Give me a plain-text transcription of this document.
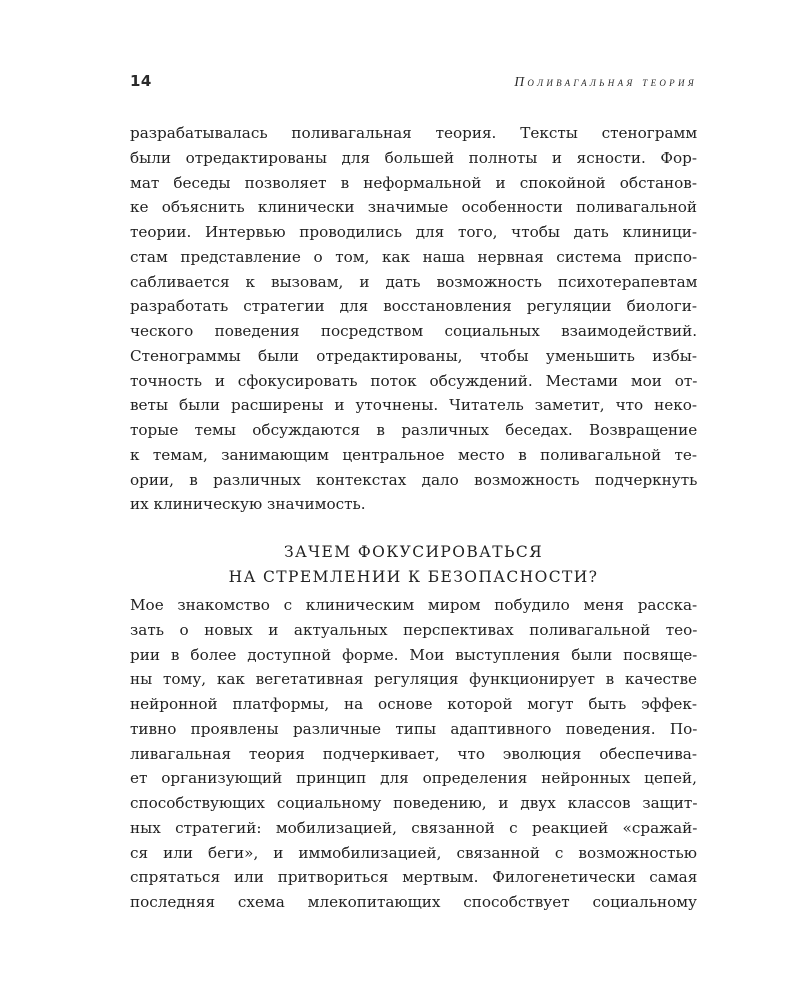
14	Поливагальная теория
разрабатывалась поливагальная теория. Тексты стенограмм
были отредактированы для большей полноты и ясности. Фор-
мат беседы позволяет в неформальной и спокойной обстанов-
ке объяснить клинически значимые особенности поливагальной
теории. Интервью проводились для того, чтобы дать клиници-
стам представление о том, как наша нервная система приспо-
сабливается к вызовам, и дать возможность психотерапевтам
разработать стратегии для восстановления регуляции биологи-
ческого поведения посредством социальных взаимодействий.
Стенограммы были отредактированы, чтобы уменьшить избы-
точность и сфокусировать поток обсуждений. Местами мои от-
веты были расширены и уточнены. Читатель заметит, что неко-
торые темы обсуждаются в различных беседах. Возвращение
к темам, занимающим центральное место в поливагальной те-
ории, в различных контекстах дало возможность подчеркнуть
их клиническую значимость.
ЗАЧЕМ ФОКУСИРОВАТЬСЯ
НА СТРЕМЛЕНИИ К БЕЗОПАСНОСТИ?
Мое знакомство с клиническим миром побудило меня расска-
зать о новых и актуальных перспективах поливагальной тео-
рии в более доступной форме. Мои выступления были посвяще-
ны тому, как вегетативная регуляция функционирует в качестве
нейронной платформы, на основе которой могут быть эффек-
тивно проявлены различные типы адаптивного поведения. По-
ливагальная теория подчеркивает, что эволюция обеспечива-
ет организующий принцип для определения нейронных цепей,
способствующих социальному поведению, и двух классов защит-
ных стратегий: мобилизацией, связанной с реакцией «сражай-
ся или беги», и иммобилизацией, связанной с возможностью
спрятаться или притвориться мертвым. Филогенетически самая
последняя схема млекопитающих способствует социальному
